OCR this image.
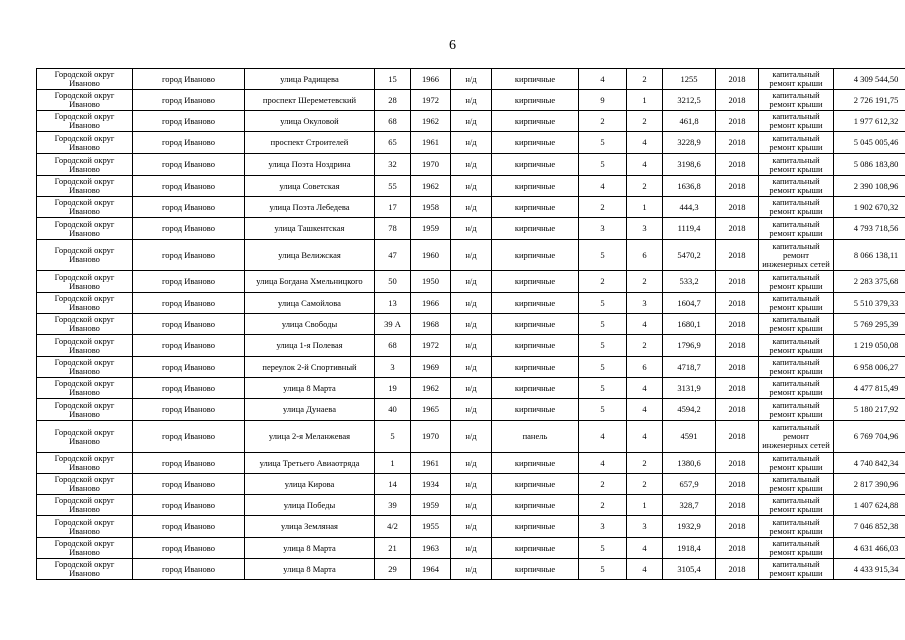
6
Городской округ Иваново	город Иваново	улица Радищева	15	1966	н/д	кирпичные	4	2	1255	2018	капитальный ремонт крыши	4 309 544,50
Городской округ Иваново	город Иваново	проспект Шереметевский	28	1972	н/д	кирпичные	9	1	3212,5	2018	капитальный ремонт крыши	2 726 191,75
Городской округ Иваново	город Иваново	улица Окуловой	68	1962	н/д	кирпичные	2	2	461,8	2018	капитальный ремонт крыши	1 977 612,32
Городской округ Иваново	город Иваново	проспект Строителей	65	1961	н/д	кирпичные	5	4	3228,9	2018	капитальный ремонт крыши	5 045 005,46
Городской округ Иваново	город Иваново	улица Поэта Ноздрина	32	1970	н/д	кирпичные	5	4	3198,6	2018	капитальный ремонт крыши	5 086 183,80
Городской округ Иваново	город Иваново	улица Советская	55	1962	н/д	кирпичные	4	2	1636,8	2018	капитальный ремонт крыши	2 390 108,96
Городской округ Иваново	город Иваново	улица Поэта Лебедева	17	1958	н/д	кирпичные	2	1	444,3	2018	капитальный ремонт крыши	1 902 670,32
Городской округ Иваново	город Иваново	улица Ташкентская	78	1959	н/д	кирпичные	3	3	1119,4	2018	капитальный ремонт крыши	4 793 718,56
Городской округ Иваново	город Иваново	улица Велижская	47	1960	н/д	кирпичные	5	6	5470,2	2018	капитальный ремонт инженерных сетей	8 066 138,11
Городской округ Иваново	город Иваново	улица Богдана Хмельницкого	50	1950	н/д	кирпичные	2	2	533,2	2018	капитальный ремонт крыши	2 283 375,68
Городской округ Иваново	город Иваново	улица Самойлова	13	1966	н/д	кирпичные	5	3	1604,7	2018	капитальный ремонт крыши	5 510 379,33
Городской округ Иваново	город Иваново	улица Свободы	39 А	1968	н/д	кирпичные	5	4	1680,1	2018	капитальный ремонт крыши	5 769 295,39
Городской округ Иваново	город Иваново	улица 1-я Полевая	68	1972	н/д	кирпичные	5	2	1796,9	2018	капитальный ремонт крыши	1 219 050,08
Городской округ Иваново	город Иваново	переулок 2-й Спортивный	3	1969	н/д	кирпичные	5	6	4718,7	2018	капитальный ремонт крыши	6 958 006,27
Городской округ Иваново	город Иваново	улица 8 Марта	19	1962	н/д	кирпичные	5	4	3131,9	2018	капитальный ремонт крыши	4 477 815,49
Городской округ Иваново	город Иваново	улица Дунаева	40	1965	н/д	кирпичные	5	4	4594,2	2018	капитальный ремонт крыши	5 180 217,92
Городской округ Иваново	город Иваново	улица 2-я Меланжевая	5	1970	н/д	панель	4	4	4591	2018	капитальный ремонт инженерных сетей	6 769 704,96
Городской округ Иваново	город Иваново	улица Третьего Авиаотряда	1	1961	н/д	кирпичные	4	2	1380,6	2018	капитальный ремонт крыши	4 740 842,34
Городской округ Иваново	город Иваново	улица Кирова	14	1934	н/д	кирпичные	2	2	657,9	2018	капитальный ремонт крыши	2 817 390,96
Городской округ Иваново	город Иваново	улица Победы	39	1959	н/д	кирпичные	2	1	328,7	2018	капитальный ремонт крыши	1 407 624,88
Городской округ Иваново	город Иваново	улица Земляная	4/2	1955	н/д	кирпичные	3	3	1932,9	2018	капитальный ремонт крыши	7 046 852,38
Городской округ Иваново	город Иваново	улица 8 Марта	21	1963	н/д	кирпичные	5	4	1918,4	2018	капитальный ремонт крыши	4 631 466,03
Городской округ Иваново	город Иваново	улица 8 Марта	29	1964	н/д	кирпичные	5	4	3105,4	2018	капитальный ремонт крыши	4 433 915,34
